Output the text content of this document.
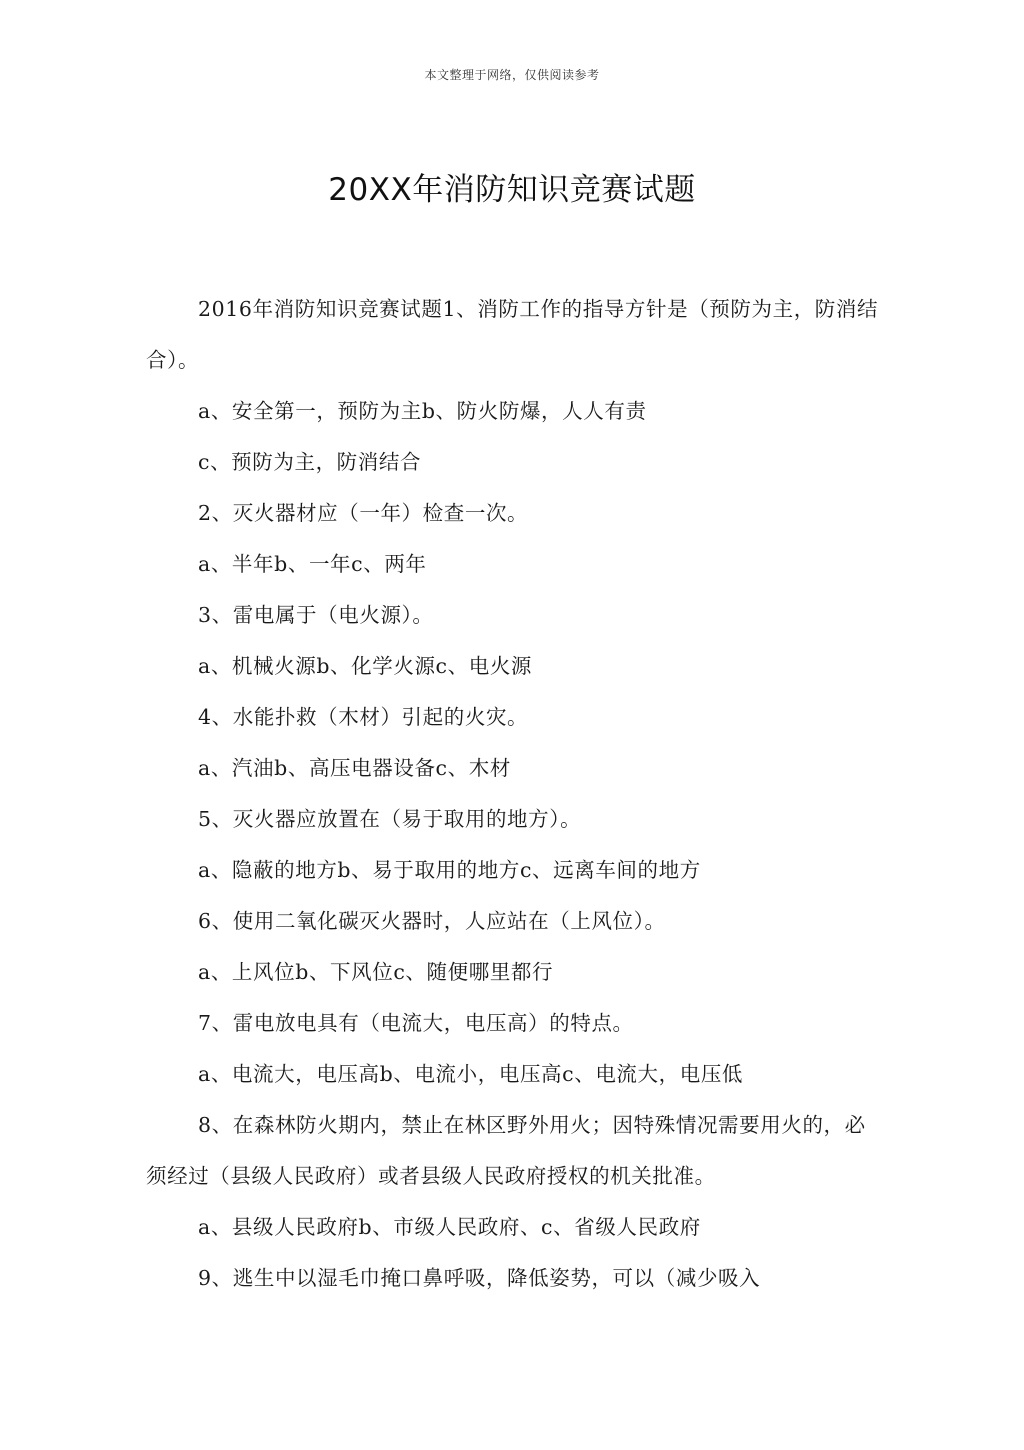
本文整理于网络，仅供阅读参考
20XX年消防知识竞赛试题

2016年消防知识竞赛试题1、消防工作的指导方针是（预防为主，防消结合）。

a、安全第一，预防为主b、防火防爆，人人有责

c、预防为主，防消结合

2、灭火器材应（一年）检查一次。

a、半年b、一年c、两年

3、雷电属于（电火源）。

a、机械火源b、化学火源c、电火源

4、水能扑救（木材）引起的火灾。

a、汽油b、高压电器设备c、木材

5、灭火器应放置在（易于取用的地方）。

a、隐蔽的地方b、易于取用的地方c、远离车间的地方

6、使用二氧化碳灭火器时，人应站在（上风位）。

a、上风位b、下风位c、随便哪里都行

7、雷电放电具有（电流大，电压高）的特点。

a、电流大，电压高b、电流小，电压高c、电流大，电压低

8、在森林防火期内，禁止在林区野外用火；因特殊情况需要用火的，必须经过（县级人民政府）或者县级人民政府授权的机关批准。

a、县级人民政府b、市级人民政府、c、省级人民政府

9、逃生中以湿毛巾掩口鼻呼吸，降低姿势，可以（减少吸入
